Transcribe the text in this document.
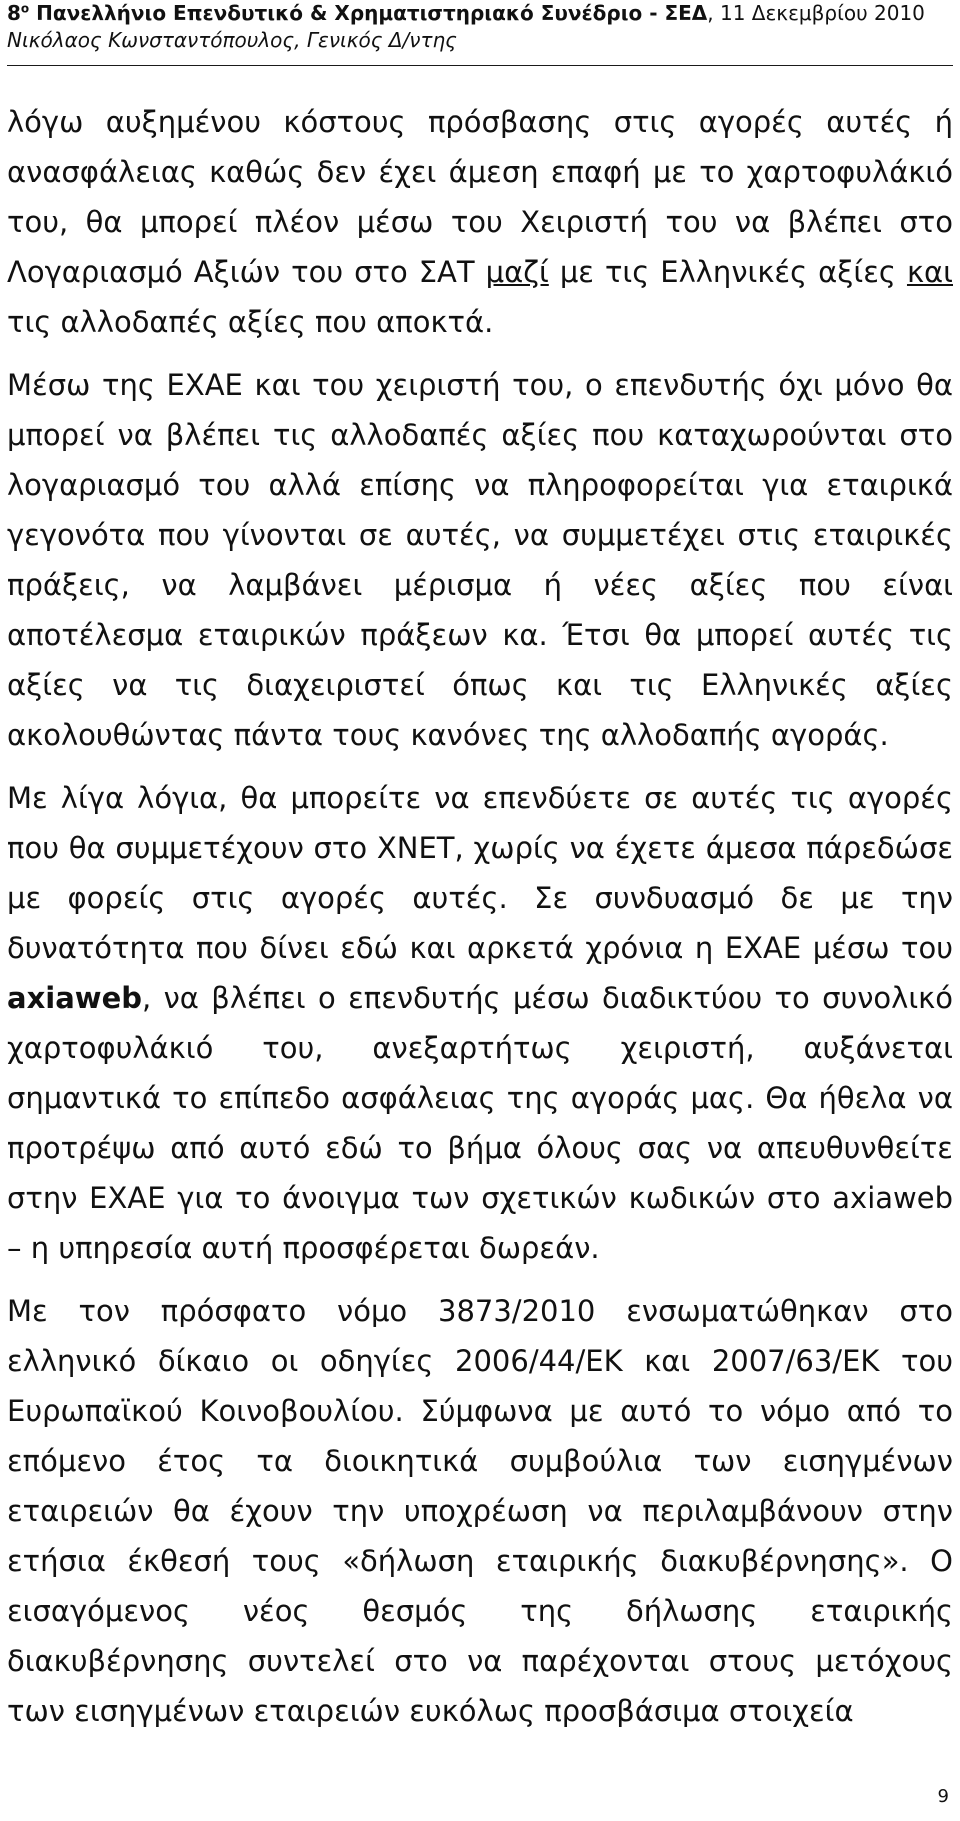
$8^o$ Πανελλήνιο Επενδυτικό & Χρηματιστηριακό Συνέδριο - ΣΕΔ, 11 Δεκεμβρίου 2010
Νικόλαος Κωνσταντόπουλος, Γενικός Δ/ντης

λόγω αυξημένου κόστους πρόσβασης στις αγορές αυτές ή ανασφάλειας καθώς δεν έχει άμεση επαφή με το χαρτοφυλάκιό του, θα μπορεί πλέον μέσω του Χειριστή του να βλέπει στο Λογαριασμό Αξιών του στο ΣΑΤ μαζί με τις Ελληνικές αξίες και τις αλλοδαπές αξίες που αποκτά.

Μέσω της ΕΧΑΕ και του χειριστή του, ο επενδυτής όχι μόνο θα μπορεί να βλέπει τις αλλοδαπές αξίες που καταχωρούνται στο λογαριασμό του αλλά επίσης να πληροφορείται για εταιρικά γεγονότα που γίνονται σε αυτές, να συμμετέχει στις εταιρικές πράξεις, να λαμβάνει μέρισμα ή νέες αξίες που είναι αποτέλεσμα εταιρικών πράξεων κα. Έτσι θα μπορεί αυτές τις αξίες να τις διαχειριστεί όπως και τις Ελληνικές αξίες ακολουθώντας πάντα τους κανόνες της αλλοδαπής αγοράς.

Με λίγα λόγια, θα μπορείτε να επενδύετε σε αυτές τις αγορές που θα συμμετέχουν στο XNET, χωρίς να έχετε άμεσα πάρεδώσε με φορείς στις αγορές αυτές. Σε συνδυασμό δε με την δυνατότητα που δίνει εδώ και αρκετά χρόνια η ΕΧΑΕ μέσω του axiaweb, να βλέπει ο επενδυτής μέσω διαδικτύου το συνολικό χαρτοφυλάκιό του, ανεξαρτήτως χειριστή, αυξάνεται σημαντικά το επίπεδο ασφάλειας της αγοράς μας. Θα ήθελα να προτρέψω από αυτό εδώ το βήμα όλους σας να απευθυνθείτε στην ΕΧΑΕ για το άνοιγμα των σχετικών κωδικών στο axiaweb – η υπηρεσία αυτή προσφέρεται δωρεάν.

Με τον πρόσφατο νόμο 3873/2010 ενσωματώθηκαν στο ελληνικό δίκαιο οι οδηγίες 2006/44/ΕΚ και 2007/63/ΕΚ του Ευρωπαϊκού Κοινοβουλίου. Σύμφωνα με αυτό το νόμο από το επόμενο έτος τα διοικητικά συμβούλια των εισηγμένων εταιρειών θα έχουν την υποχρέωση να περιλαμβάνουν στην ετήσια έκθεσή τους «δήλωση εταιρικής διακυβέρνησης». Ο εισαγόμενος νέος θεσμός της δήλωσης εταιρικής διακυβέρνησης συντελεί στο να παρέχονται στους μετόχους των εισηγμένων εταιρειών ευκόλως προσβάσιμα στοιχεία

9
